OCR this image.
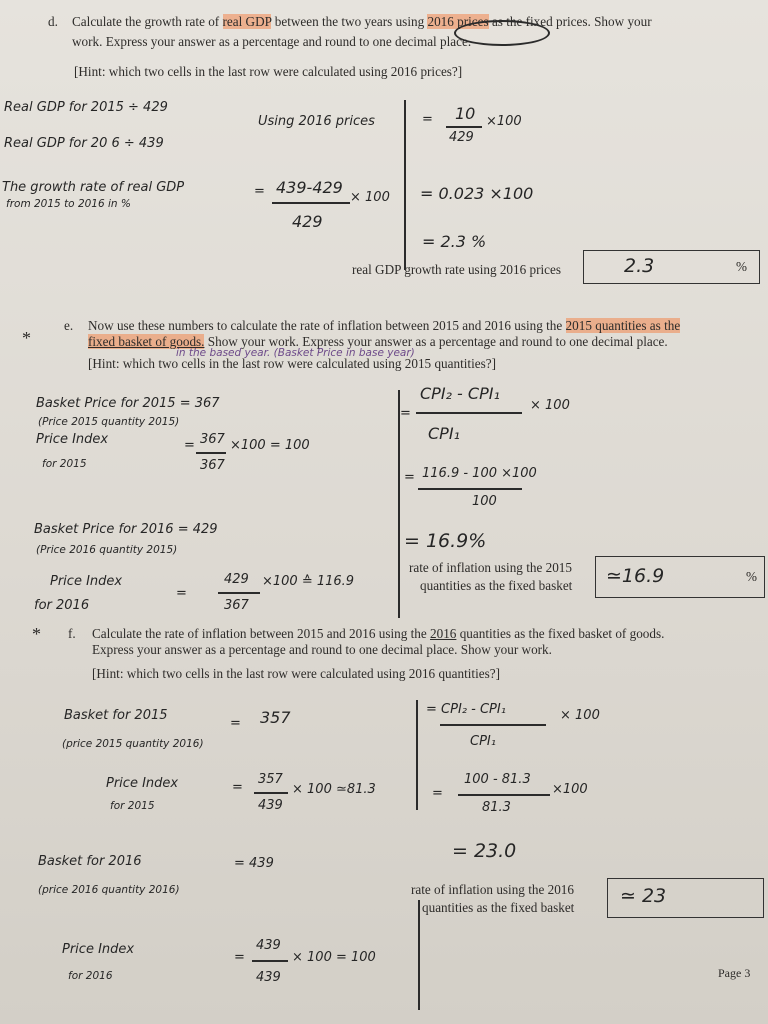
d. Calculate the growth rate of real GDP between the two years using 2016 prices as the fixed prices. Show your
work. Express your answer as a percentage and round to one decimal place.
[Hint: which two cells in the last row were calculated using 2016 prices?]
Real GDP for 2015 ÷ 429
Real GDP for 20 6 ÷ 439
Using 2016 prices	= 10
429
×100
The growth rate of real GDP
from 2015 to 2016 in %
= 439-429
429
× 100 = 0.023 ×100
= 2.3 %
real GDP growth rate using 2016 prices	2.3	%
*
e. Now use these numbers to calculate the rate of inflation between 2015 and 2016 using the 2015 quantities as the
fixed basket of goods. Show your work. Express your answer as a percentage and round to one decimal place.
in the based year. (Basket Price in base year)
[Hint: which two cells in the last row were calculated using 2015 quantities?]
Basket Price for 2015 = 367
(Price 2015 quantity 2015)
Price Index
for 2015
= 367
367
×100 = 100
CPI₂ - CPI₁
=
× 100
CPI₁
= 116.9 - 100 ×100
100
= 16.9%
Basket Price for 2016 = 429
(Price 2016 quantity 2015)
Price Index
for 2016
=
429
367
×100 ≙ 116.9
rate of inflation using the 2015
quantities as the fixed basket ≃16.9	%
* f. Calculate the rate of inflation between 2015 and 2016 using the 2016 quantities as the fixed basket of goods.
Express your answer as a percentage and round to one decimal place. Show your work.
[Hint: which two cells in the last row were calculated using 2016 quantities?]
Basket for 2015
= 357
(price 2015 quantity 2016)
Price Index
for 2015
=
357
439
× 100 ≃81.3
= CPI₂ - CPI₁	× 100
CPI₁
=
100 - 81.3
81.3
×100
= 23.0
Basket for 2016	= 439
(price 2016 quantity 2016)
Price Index
for 2016
=
439
439
× 100 = 100
rate of inflation using the 2016
quantities as the fixed basket
≃ 23
Page 3
